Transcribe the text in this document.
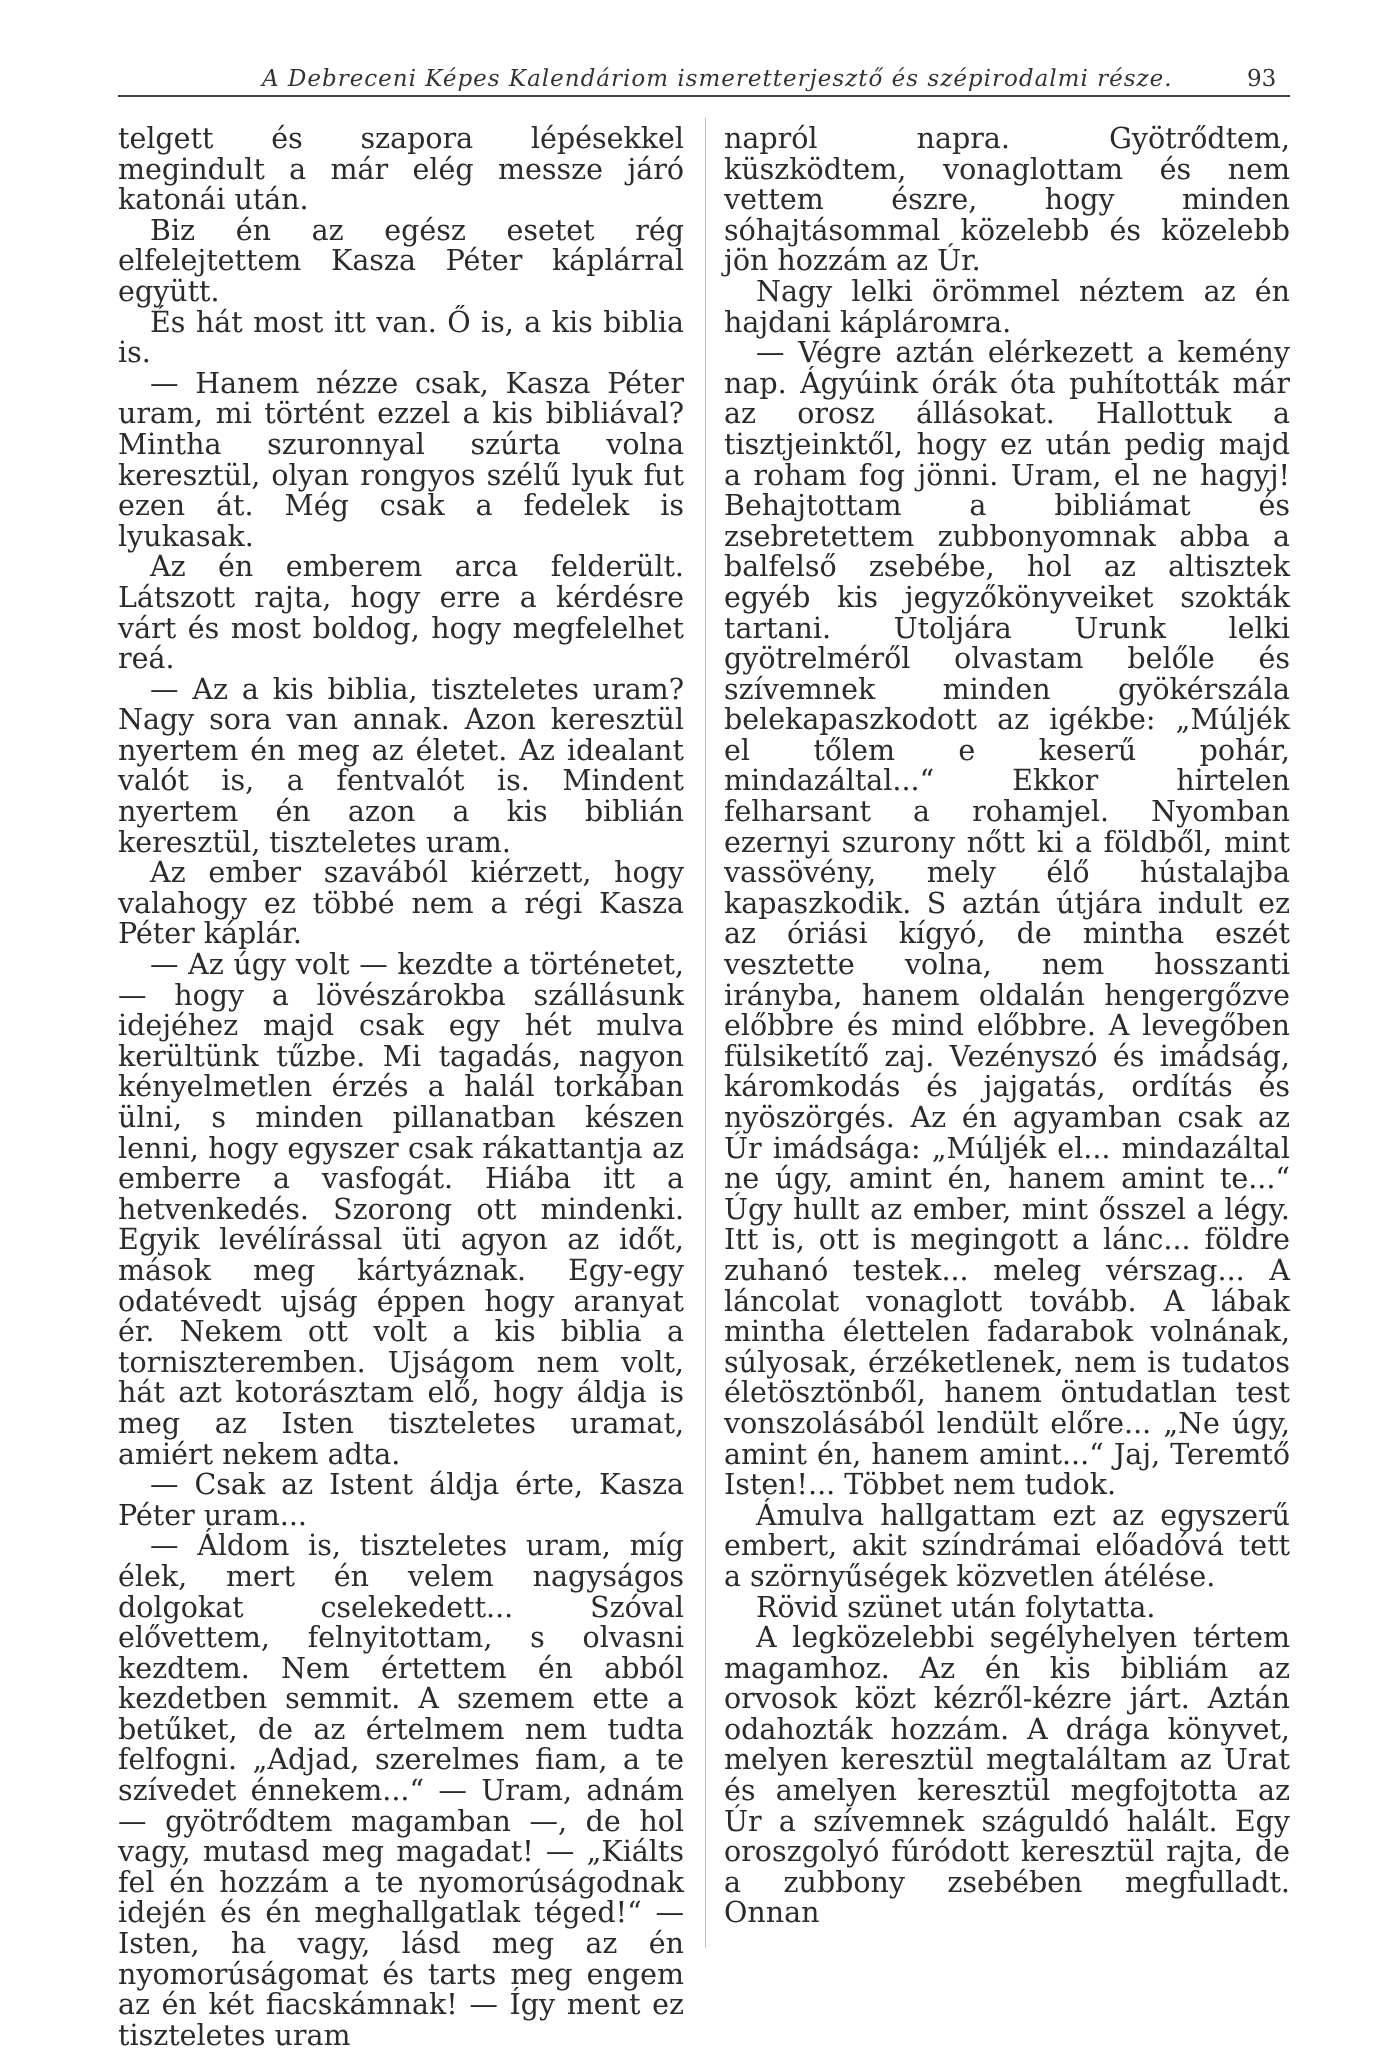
A Debreceni Képes Kalendáriom ismeretterjesztő és szépirodalmi része.	93

telgett és szapora lépésekkel megindult a már elég messze járó katonái után.

Biz én az egész esetet rég elfelejtettem Kasza Péter káplárral együtt.

És hát most itt van. Ő is, a kis biblia is.

— Hanem nézze csak, Kasza Péter uram, mi történt ezzel a kis bibliával? Mintha szuronnyal szúrta volna keresztül, olyan rongyos szélű lyuk fut ezen át. Még csak a fedelek is lyukasak.

Az én emberem arca felderült. Látszott rajta, hogy erre a kérdésre várt és most boldog, hogy megfelelhet reá.

— Az a kis biblia, tiszteletes uram? Nagy sora van annak. Azon keresztül nyertem én meg az életet. Az idealant valót is, a fentvalót is. Mindent nyertem én azon a kis biblián keresztül, tiszteletes uram.

Az ember szavából kiérzett, hogy valahogy ez többé nem a régi Kasza Péter káplár.

— Az úgy volt — kezdte a történetet, — hogy a lövészárokba szállásunk idejéhez majd csak egy hét mulva kerültünk tűzbe. Mi tagadás, nagyon kényelmetlen érzés a halál torkában ülni, s minden pillanatban készen lenni, hogy egyszer csak rákattantja az emberre a vasfogát. Hiába itt a hetvenkedés. Szorong ott mindenki. Egyik levélírással üti agyon az időt, mások meg kártyáznak. Egy-egy odatévedt ujság éppen hogy aranyat ér. Nekem ott volt a kis biblia a tornisztеremben. Ujságom nem volt, hát azt kotorásztam elő, hogy áldja is meg az Isten tiszteletes uramat, amiért nekem adta.

— Csak az Istent áldja érte, Kasza Péter uram...

— Áldom is, tiszteletes uram, míg élek, mert én velem nagyságos dolgokat cselekedett... Szóval elővettem, felnyitottam, s olvasni kezdtem. Nem értettem én abból kezdetben semmit. A szemem ette a betűket, de az értelmem nem tudta felfogni. „Adjad, szerelmes fiam, a te szívedet énnekem...“ — Uram, adnám — gyötrődtem magamban —, de hol vagy, mutasd meg magadat! — „Kiálts fel én hozzám a te nyomorúságodnak idején és én meghallgatlak téged!“ — Isten, ha vagy, lásd meg az én nyomorúságomat és tarts meg engem az én két fiacskámnak! — Így ment ez tiszteletes uram

napról napra. Gyötrődtem, küszködtem, vonaglottam és nem vettem észre, hogy minden sóhajtásommal közelebb és közelebb jön hozzám az Úr.

Nagy lelki örömmel néztem az én hajdani káplárомra.

— Végre aztán elérkezett a kemény nap. Ágyúink órák óta puhították már az orosz állásokat. Hallottuk a tisztjeinktől, hogy ez után pedig majd a roham fog jönni. Uram, el ne hagyj! Behajtottam a bibliámat és zsebretettem zubbonyomnak abba a balfelső zsebébe, hol az altisztek egyéb kis jegyzőkönyveiket szokták tartani. Utoljára Urunk lelki gyötrelméről olvastam belőle és szívemnek minden gyökérszála belekapaszkodott az igékbe: „Múljék el tőlem e keserű pohár, mindazáltal...“ Ekkor hirtelen felharsant a rohamjel. Nyomban ezernyi szurony nőtt ki a földből, mint vassövény, mely élő hústalajba kapaszkodik. S aztán útjára indult ez az óriási kígyó, de mintha eszét vesztette volna, nem hosszanti irányba, hanem oldalán hengergőzve előbbre és mind előbbre. A levegőben fülsiketítő zaj. Vezényszó és imádság, káromkodás és jajgatás, ordítás és nyöszörgés. Az én agyamban csak az Úr imádsága: „Múljék el... mindazáltal ne úgy, amint én, hanem amint te...“ Úgy hullt az ember, mint ősszel a légy. Itt is, ott is megingott a lánc... földre zuhanó testek... meleg vérszag... A láncolat vonaglott tovább. A lábak mintha élettelen fadarabok volnának, súlyosak, érzéketlenek, nem is tudatos életösztönből, hanem öntudatlan test vonszolásából lendült előre... „Ne úgy, amint én, hanem amint...“ Jaj, Teremtő Isten!... Többet nem tudok.

Ámulva hallgattam ezt az egyszerű embert, akit színdrámai előadóvá tett a szörnyűségek közvetlen átélése.

Rövid szünet után folytatta.

A legközelebbi segélyhelyen tértem magamhoz. Az én kis bibliám az orvosok közt kézről-kézre járt. Aztán odahozták hozzám. A drága könyvet, melyen keresztül megtaláltam az Urat és amelyen keresztül megfojtotta az Úr a szívemnek száguldó halált. Egy oroszgolyó fúródott keresztül rajta, de a zubbony zsebében megfulladt. Onnan
